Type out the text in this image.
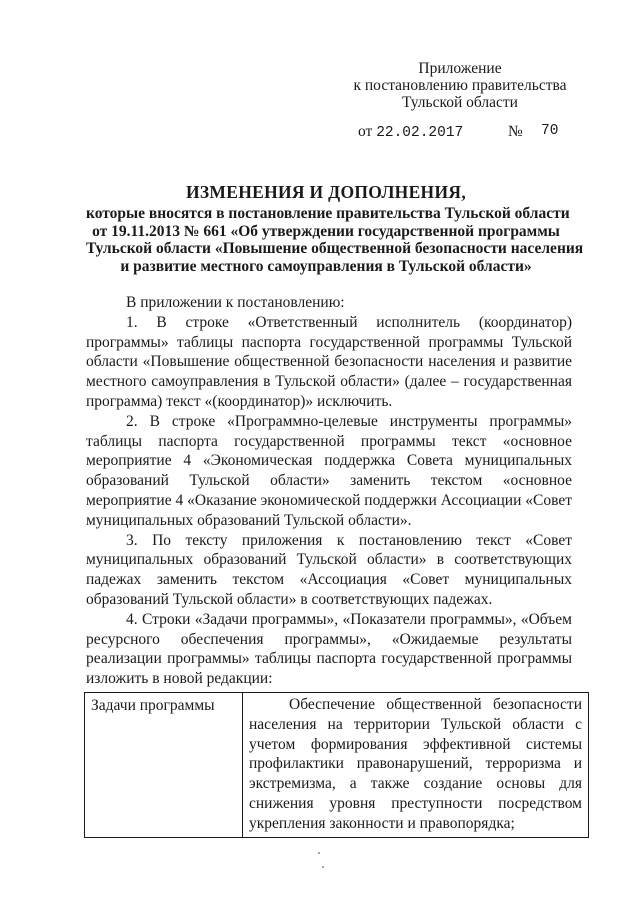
Приложение
к постановлению правительства
Тульской области
от 22.02.2017	№ 70
ИЗМЕНЕНИЯ И ДОПОЛНЕНИЯ,
которые вносятся в постановление правительства Тульской области
от 19.11.2013 № 661 «Об утверждении государственной программы
Тульской области «Повышение общественной безопасности населения
и развитие местного самоуправления в Тульской области»

В приложении к постановлению:

1. В строке «Ответственный исполнитель (координатор) программы» таблицы паспорта государственной программы Тульской области «Повышение общественной безопасности населения и развитие местного самоуправления в Тульской области» (далее – государственная программа) текст «(координатор)» исключить.

2. В строке «Программно-целевые инструменты программы» таблицы паспорта государственной программы текст «основное мероприятие 4 «Экономическая поддержка Совета муниципальных образований Тульской области» заменить текстом «основное мероприятие 4 «Оказание экономической поддержки Ассоциации «Совет муниципальных образований Тульской области».

3. По тексту приложения к постановлению текст «Совет муниципальных образований Тульской области» в соответствующих падежах заменить текстом «Ассоциация «Совет муниципальных образований Тульской области» в соответствующих падежах.

4. Строки «Задачи программы», «Показатели программы», «Объем ресурсного обеспечения программы», «Ожидаемые результаты реализации программы» таблицы паспорта государственной программы изложить в новой редакции:

Задачи программы	Обеспечение общественной безопасности населения на территории Тульской области с учетом формирования эффективной системы профилактики правонарушений, терроризма и экстремизма, а также создание основы для снижения уровня преступности посредством укрепления законности и правопорядка;
